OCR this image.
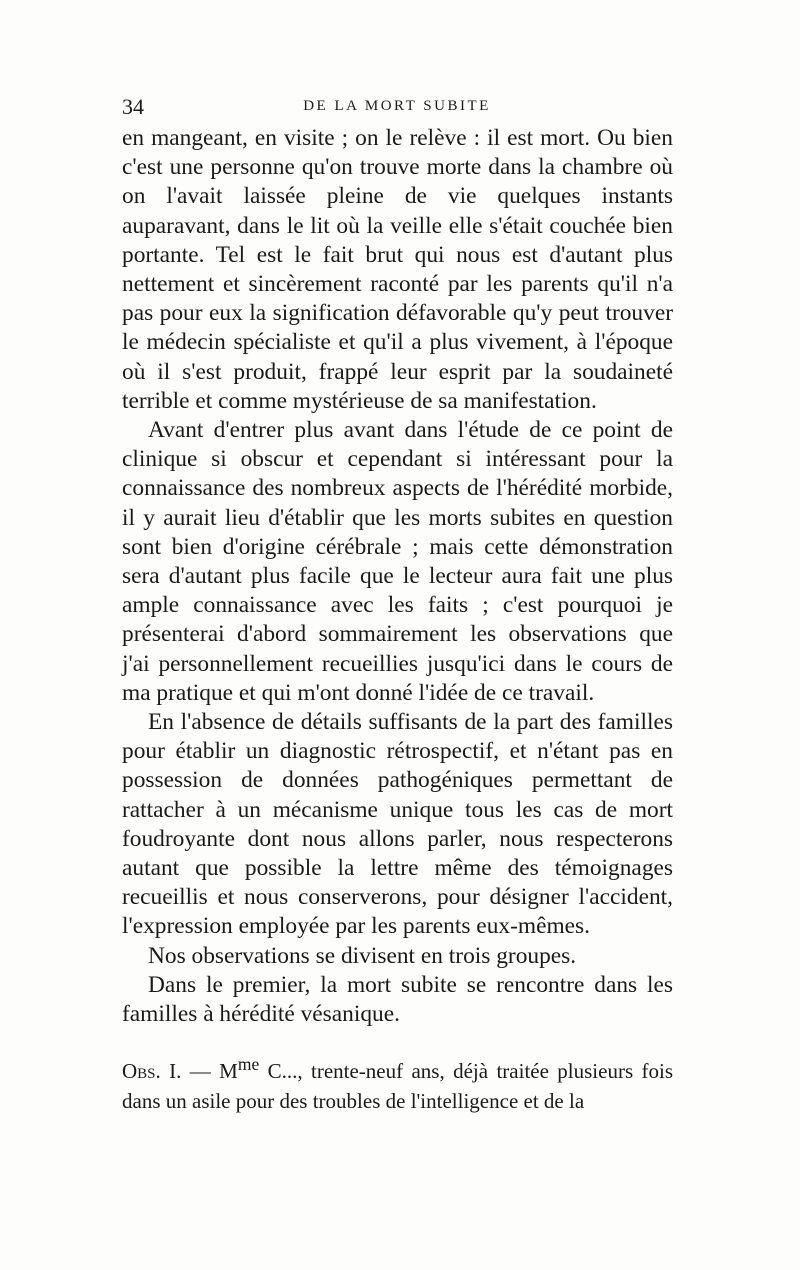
34	DE LA MORT SUBITE

en mangeant, en visite ; on le relève : il est mort. Ou bien c'est une personne qu'on trouve morte dans la chambre où on l'avait laissée pleine de vie quelques instants auparavant, dans le lit où la veille elle s'était couchée bien portante. Tel est le fait brut qui nous est d'autant plus nettement et sincèrement raconté par les parents qu'il n'a pas pour eux la signification défavorable qu'y peut trouver le médecin spécialiste et qu'il a plus vivement, à l'époque où il s'est produit, frappé leur esprit par la soudaineté terrible et comme mystérieuse de sa manifestation.

Avant d'entrer plus avant dans l'étude de ce point de clinique si obscur et cependant si intéressant pour la connaissance des nombreux aspects de l'hérédité morbide, il y aurait lieu d'établir que les morts subites en question sont bien d'origine cérébrale ; mais cette démonstration sera d'autant plus facile que le lecteur aura fait une plus ample connaissance avec les faits ; c'est pourquoi je présenterai d'abord sommairement les observations que j'ai personnellement recueillies jusqu'ici dans le cours de ma pratique et qui m'ont donné l'idée de ce travail.

En l'absence de détails suffisants de la part des familles pour établir un diagnostic rétrospectif, et n'étant pas en possession de données pathogéniques permettant de rattacher à un mécanisme unique tous les cas de mort foudroyante dont nous allons parler, nous respecterons autant que possible la lettre même des témoignages recueillis et nous conserverons, pour désigner l'accident, l'expression employée par les parents eux-mêmes.

Nos observations se divisent en trois groupes.

Dans le premier, la mort subite se rencontre dans les familles à hérédité vésanique.

Obs. I. — $M^{me}$ C..., trente-neuf ans, déjà traitée plusieurs fois dans un asile pour des troubles de l'intelligence et de la
